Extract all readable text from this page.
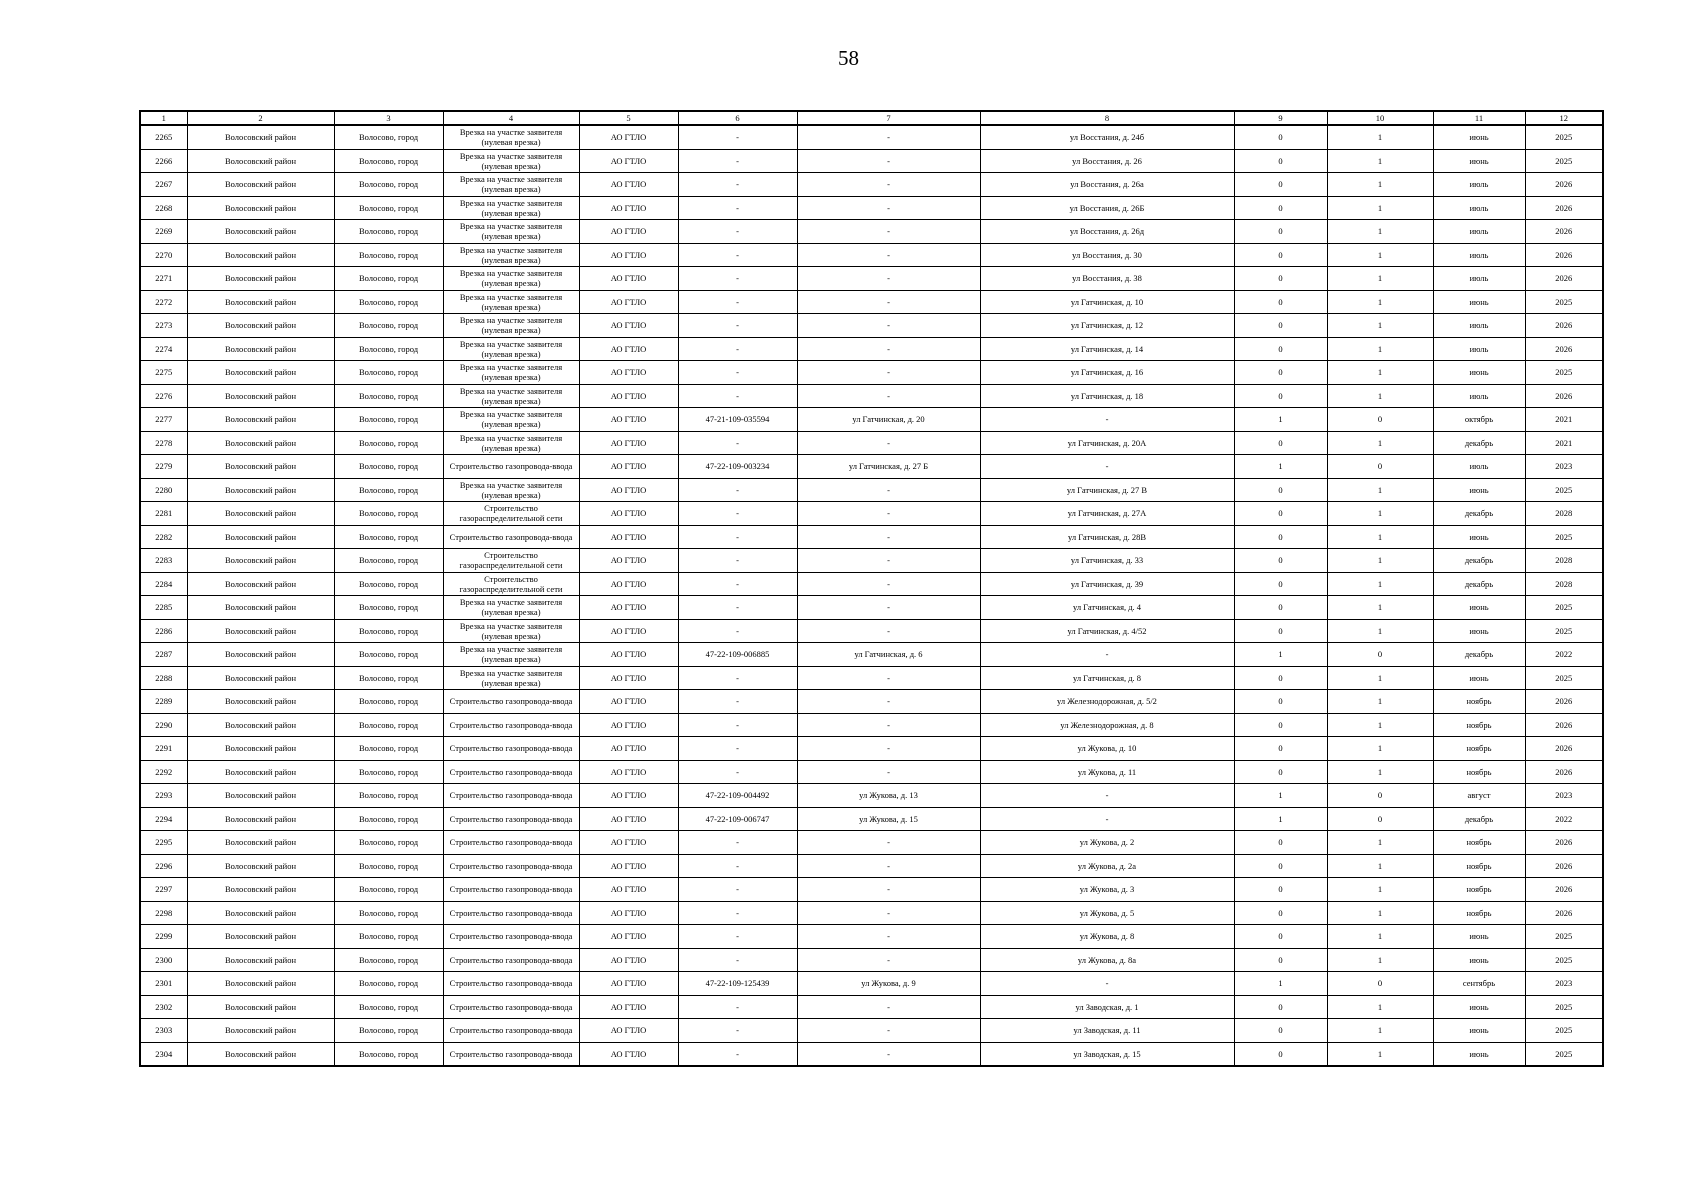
58
1	2	3	4	5	6	7	8	9	10	11	12
2265	Волосовский район	Волосово, город	Врезка на участке заявителя (нулевая врезка)	АО ГТЛО	-	-	ул Восстания, д. 24б	0	1	июнь	2025
2266	Волосовский район	Волосово, город	Врезка на участке заявителя (нулевая врезка)	АО ГТЛО	-	-	ул Восстания, д. 26	0	1	июнь	2025
2267	Волосовский район	Волосово, город	Врезка на участке заявителя (нулевая врезка)	АО ГТЛО	-	-	ул Восстания, д. 26а	0	1	июль	2026
2268	Волосовский район	Волосово, город	Врезка на участке заявителя (нулевая врезка)	АО ГТЛО	-	-	ул Восстания, д. 26Б	0	1	июль	2026
2269	Волосовский район	Волосово, город	Врезка на участке заявителя (нулевая врезка)	АО ГТЛО	-	-	ул Восстания, д. 26д	0	1	июль	2026
2270	Волосовский район	Волосово, город	Врезка на участке заявителя (нулевая врезка)	АО ГТЛО	-	-	ул Восстания, д. 30	0	1	июль	2026
2271	Волосовский район	Волосово, город	Врезка на участке заявителя (нулевая врезка)	АО ГТЛО	-	-	ул Восстания, д. 38	0	1	июль	2026
2272	Волосовский район	Волосово, город	Врезка на участке заявителя (нулевая врезка)	АО ГТЛО	-	-	ул Гатчинская, д. 10	0	1	июнь	2025
2273	Волосовский район	Волосово, город	Врезка на участке заявителя (нулевая врезка)	АО ГТЛО	-	-	ул Гатчинская, д. 12	0	1	июль	2026
2274	Волосовский район	Волосово, город	Врезка на участке заявителя (нулевая врезка)	АО ГТЛО	-	-	ул Гатчинская, д. 14	0	1	июль	2026
2275	Волосовский район	Волосово, город	Врезка на участке заявителя (нулевая врезка)	АО ГТЛО	-	-	ул Гатчинская, д. 16	0	1	июнь	2025
2276	Волосовский район	Волосово, город	Врезка на участке заявителя (нулевая врезка)	АО ГТЛО	-	-	ул Гатчинская, д. 18	0	1	июль	2026
2277	Волосовский район	Волосово, город	Врезка на участке заявителя (нулевая врезка)	АО ГТЛО	47-21-109-035594	ул Гатчинская, д. 20	-	1	0	октябрь	2021
2278	Волосовский район	Волосово, город	Врезка на участке заявителя (нулевая врезка)	АО ГТЛО	-	-	ул Гатчинская, д. 20А	0	1	декабрь	2021
2279	Волосовский район	Волосово, город	Строительство газопровода-ввода	АО ГТЛО	47-22-109-003234	ул Гатчинская, д. 27 Б	-	1	0	июль	2023
2280	Волосовский район	Волосово, город	Врезка на участке заявителя (нулевая врезка)	АО ГТЛО	-	-	ул Гатчинская, д. 27 В	0	1	июнь	2025
2281	Волосовский район	Волосово, город	Строительство газораспределительной сети	АО ГТЛО	-	-	ул Гатчинская, д. 27А	0	1	декабрь	2028
2282	Волосовский район	Волосово, город	Строительство газопровода-ввода	АО ГТЛО	-	-	ул Гатчинская, д. 28В	0	1	июнь	2025
2283	Волосовский район	Волосово, город	Строительство газораспределительной сети	АО ГТЛО	-	-	ул Гатчинская, д. 33	0	1	декабрь	2028
2284	Волосовский район	Волосово, город	Строительство газораспределительной сети	АО ГТЛО	-	-	ул Гатчинская, д. 39	0	1	декабрь	2028
2285	Волосовский район	Волосово, город	Врезка на участке заявителя (нулевая врезка)	АО ГТЛО	-	-	ул Гатчинская, д. 4	0	1	июнь	2025
2286	Волосовский район	Волосово, город	Врезка на участке заявителя (нулевая врезка)	АО ГТЛО	-	-	ул Гатчинская, д. 4/52	0	1	июнь	2025
2287	Волосовский район	Волосово, город	Врезка на участке заявителя (нулевая врезка)	АО ГТЛО	47-22-109-006885	ул Гатчинская, д. 6	-	1	0	декабрь	2022
2288	Волосовский район	Волосово, город	Врезка на участке заявителя (нулевая врезка)	АО ГТЛО	-	-	ул Гатчинская, д. 8	0	1	июнь	2025
2289	Волосовский район	Волосово, город	Строительство газопровода-ввода	АО ГТЛО	-	-	ул Железнодорожная, д. 5/2	0	1	ноябрь	2026
2290	Волосовский район	Волосово, город	Строительство газопровода-ввода	АО ГТЛО	-	-	ул Железнодорожная, д. 8	0	1	ноябрь	2026
2291	Волосовский район	Волосово, город	Строительство газопровода-ввода	АО ГТЛО	-	-	ул Жукова, д. 10	0	1	ноябрь	2026
2292	Волосовский район	Волосово, город	Строительство газопровода-ввода	АО ГТЛО	-	-	ул Жукова, д. 11	0	1	ноябрь	2026
2293	Волосовский район	Волосово, город	Строительство газопровода-ввода	АО ГТЛО	47-22-109-004492	ул Жукова, д. 13	-	1	0	август	2023
2294	Волосовский район	Волосово, город	Строительство газопровода-ввода	АО ГТЛО	47-22-109-006747	ул Жукова, д. 15	-	1	0	декабрь	2022
2295	Волосовский район	Волосово, город	Строительство газопровода-ввода	АО ГТЛО	-	-	ул Жукова, д. 2	0	1	ноябрь	2026
2296	Волосовский район	Волосово, город	Строительство газопровода-ввода	АО ГТЛО	-	-	ул Жукова, д. 2а	0	1	ноябрь	2026
2297	Волосовский район	Волосово, город	Строительство газопровода-ввода	АО ГТЛО	-	-	ул Жукова, д. 3	0	1	ноябрь	2026
2298	Волосовский район	Волосово, город	Строительство газопровода-ввода	АО ГТЛО	-	-	ул Жукова, д. 5	0	1	ноябрь	2026
2299	Волосовский район	Волосово, город	Строительство газопровода-ввода	АО ГТЛО	-	-	ул Жукова, д. 8	0	1	июнь	2025
2300	Волосовский район	Волосово, город	Строительство газопровода-ввода	АО ГТЛО	-	-	ул Жукова, д. 8а	0	1	июнь	2025
2301	Волосовский район	Волосово, город	Строительство газопровода-ввода	АО ГТЛО	47-22-109-125439	ул Жукова, д. 9	-	1	0	сентябрь	2023
2302	Волосовский район	Волосово, город	Строительство газопровода-ввода	АО ГТЛО	-	-	ул Заводская, д. 1	0	1	июнь	2025
2303	Волосовский район	Волосово, город	Строительство газопровода-ввода	АО ГТЛО	-	-	ул Заводская, д. 11	0	1	июнь	2025
2304	Волосовский район	Волосово, город	Строительство газопровода-ввода	АО ГТЛО	-	-	ул Заводская, д. 15	0	1	июнь	2025
